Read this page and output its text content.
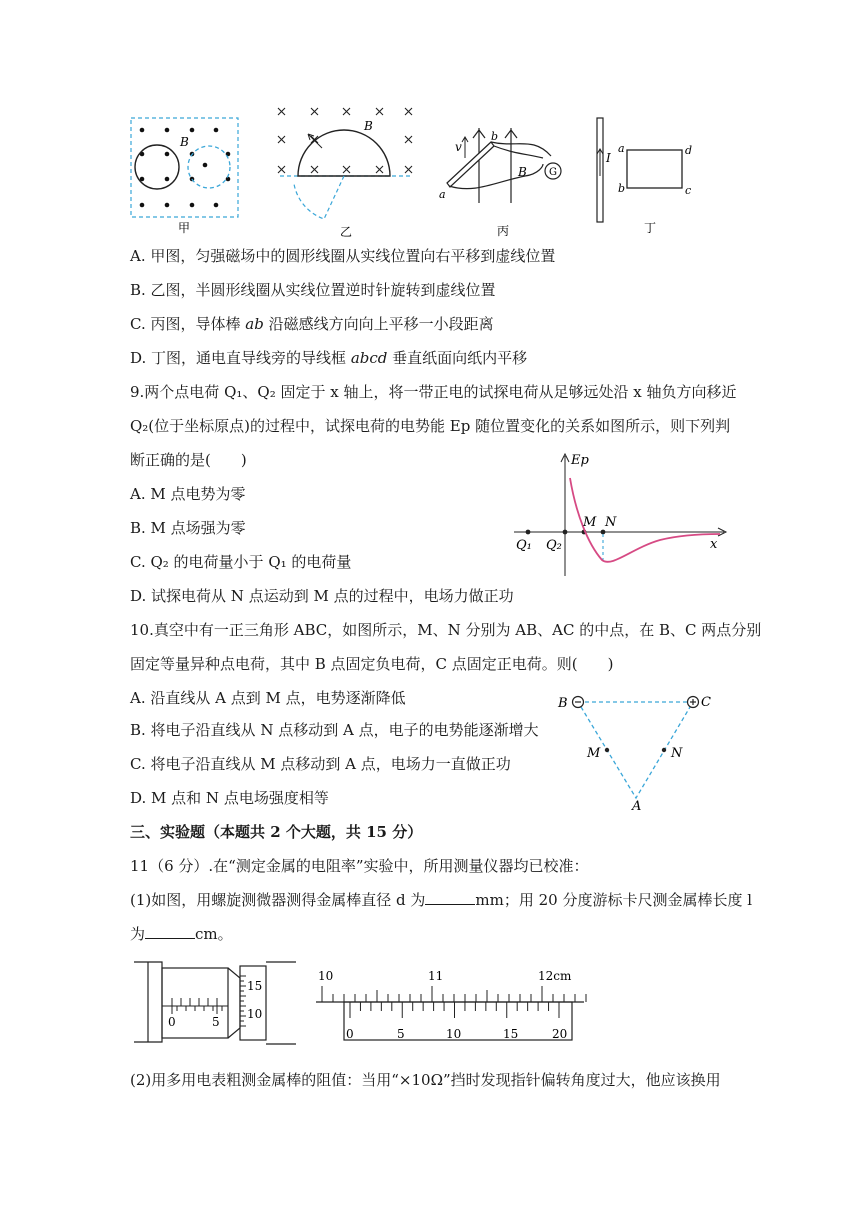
B
甲
B
乙
v
b
B
a
G
丙
I
a	d
b	c
丁
A. 甲图，匀强磁场中的圆形线圈从实线位置向右平移到虚线位置
B. 乙图，半圆形线圈从实线位置逆时针旋转到虚线位置
C. 丙图，导体棒 ab 沿磁感线方向向上平移一小段距离
D. 丁图，通电直导线旁的导线框 abcd 垂直纸面向纸内平移
9.两个点电荷 Q₁、Q₂ 固定于 x 轴上，将一带正电的试探电荷从足够远处沿 x 轴负方向移近
Q₂(位于坐标原点)的过程中，试探电荷的电势能 Ep 随位置变化的关系如图所示，则下列判
断正确的是(　　)
A. M 点电势为零
B. M 点场强为零
C. Q₂ 的电荷量小于 Q₁ 的电荷量
D. 试探电荷从 N 点运动到 M 点的过程中，电场力做正功
Ep
x
Q₁ Q₂
M N
10.真空中有一正三角形 ABC，如图所示，M、N 分别为 AB、AC 的中点，在 B、C 两点分别
固定等量异种点电荷，其中 B 点固定负电荷，C 点固定正电荷。则(　　)
A. 沿直线从 A 点到 M 点，电势逐渐降低
B. 将电子沿直线从 N 点移动到 A 点，电子的电势能逐渐增大
C. 将电子沿直线从 M 点移动到 A 点，电场力一直做正功
D. M 点和 N 点电场强度相等
B	C
M	N
A
三、实验题（本题共 2 个大题，共 15 分）
11（6 分）.在“测定金属的电阻率”实验中，所用测量仪器均已校准：
(1)如图，用螺旋测微器测得金属棒直径 d 为	mm；用 20 分度游标卡尺测金属棒长度 l
为	cm。
0	5
15
10
10	11	12cm
0	5	10	15	20
(2)用多用电表粗测金属棒的阻值：当用“×10Ω”挡时发现指针偏转角度过大，他应该换用
